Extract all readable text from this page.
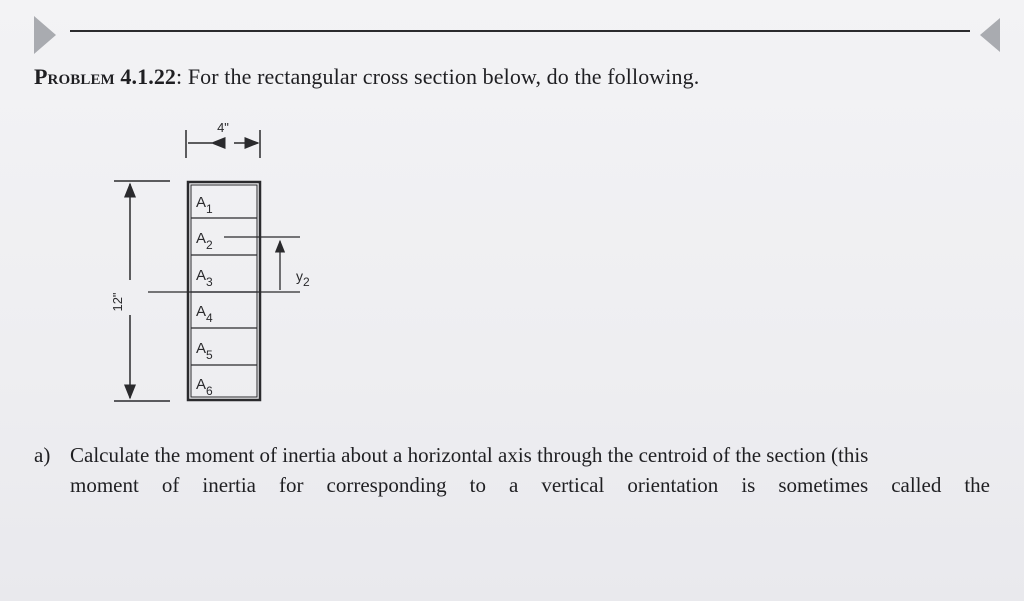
Problem 4.1.22: For the rectangular cross section below, do the following.
4"
12"
$A_1$
$A_2$
$A_3$
$A_4$
$A_5$
$A_6$
y2
a) Calculate the moment of inertia about a horizontal axis through the centroid of the section (this
moment of inertia for corresponding to a vertical orientation is sometimes called the
